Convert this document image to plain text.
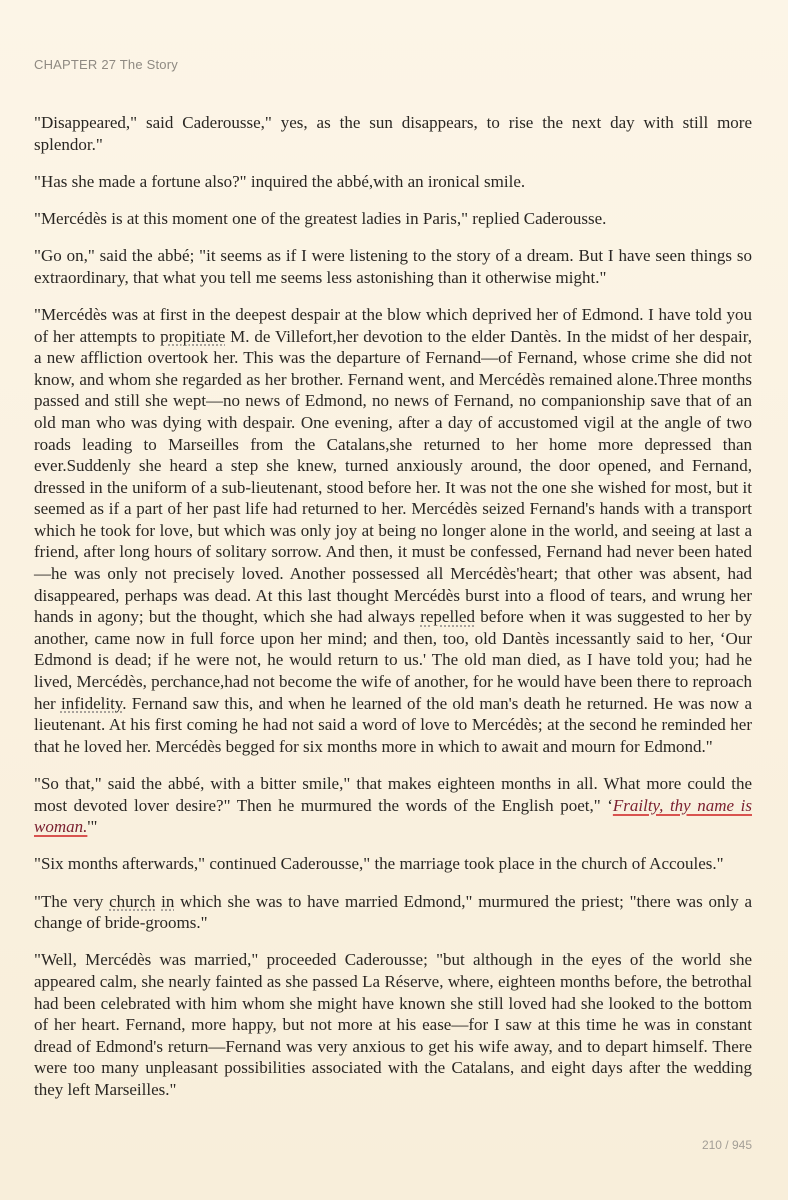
CHAPTER 27 The Story

"Disappeared," said Caderousse," yes, as the sun disappears, to rise the next day with still more splendor."

"Has she made a fortune also?" inquired the abbé,with an ironical smile.

"Mercédès is at this moment one of the greatest ladies in Paris," replied Caderousse.

"Go on," said the abbé; "it seems as if I were listening to the story of a dream. But I have seen things so extraordinary, that what you tell me seems less astonishing than it otherwise might."

"Mercédès was at first in the deepest despair at the blow which deprived her of Edmond. I have told you of her attempts to propitiate M. de Villefort,her devotion to the elder Dantès. In the midst of her despair, a new affliction overtook her. This was the departure of Fernand—of Fernand, whose crime she did not know, and whom she regarded as her brother. Fernand went, and Mercédès remained alone.Three months passed and still she wept—no news of Edmond, no news of Fernand, no companionship save that of an old man who was dying with despair. One evening, after a day of accustomed vigil at the angle of two roads leading to Marseilles from the Catalans,she returned to her home more depressed than ever.Suddenly she heard a step she knew, turned anxiously around, the door opened, and Fernand, dressed in the uniform of a sub-lieutenant, stood before her. It was not the one she wished for most, but it seemed as if a part of her past life had returned to her. Mercédès seized Fernand's hands with a transport which he took for love, but which was only joy at being no longer alone in the world, and seeing at last a friend, after long hours of solitary sorrow. And then, it must be confessed, Fernand had never been hated—he was only not precisely loved. Another possessed all Mercédès'heart; that other was absent, had disappeared, perhaps was dead. At this last thought Mercédès burst into a flood of tears, and wrung her hands in agony; but the thought, which she had always repelled before when it was suggested to her by another, came now in full force upon her mind; and then, too, old Dantès incessantly said to her, ‘Our Edmond is dead; if he were not, he would return to us.' The old man died, as I have told you; had he lived, Mercédès, perchance,had not become the wife of another, for he would have been there to reproach her infidelity. Fernand saw this, and when he learned of the old man's death he returned. He was now a lieutenant. At his first coming he had not said a word of love to Mercédès; at the second he reminded her that he loved her. Mercédès begged for six months more in which to await and mourn for Edmond."

"So that," said the abbé, with a bitter smile," that makes eighteen months in all. What more could the most devoted lover desire?" Then he murmured the words of the English poet," ‘Frailty, thy name is woman.'"

"Six months afterwards," continued Caderousse," the marriage took place in the church of Accoules."

"The very church in which she was to have married Edmond," murmured the priest; "there was only a change of bride-grooms."

"Well, Mercédès was married," proceeded Caderousse; "but although in the eyes of the world she appeared calm, she nearly fainted as she passed La Réserve, where, eighteen months before, the betrothal had been celebrated with him whom she might have known she still loved had she looked to the bottom of her heart. Fernand, more happy, but not more at his ease—for I saw at this time he was in constant dread of Edmond's return—Fernand was very anxious to get his wife away, and to depart himself. There were too many unpleasant possibilities associated with the Catalans, and eight days after the wedding they left Marseilles."

210 / 945
